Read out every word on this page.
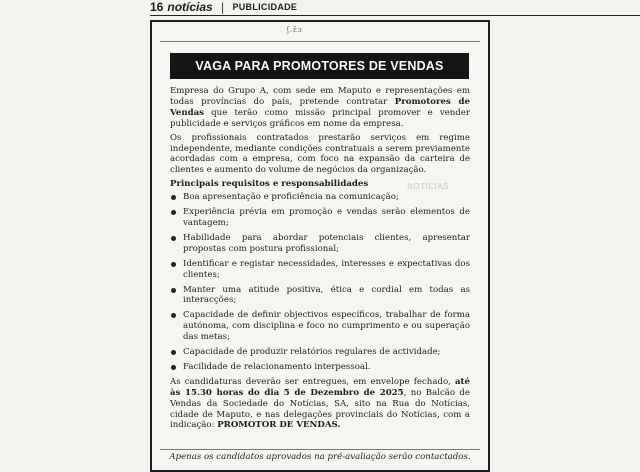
16 notícias | PUBLICIDADE
ʃ.ɛ̃ɔ
VAGA PARA PROMOTORES DE VENDAS
NOTÍCIAS

Empresa do Grupo A, com sede em Maputo e representações em todas províncias do país, pretende contratar Promotores de Vendas que terão como missão principal promover e vender publicidade e serviços gráficos em nome da empresa.

Os profissionais contratados prestarão serviços em regime independente, mediante condições contratuais a serem previamente acordadas com a empresa, com foco na expansão da carteira de clientes e aumento do volume de negócios da organização.

Principais requisitos e responsabilidades
Boa apresentação e proficiência na comunicação;
Experiência prévia em promoção e vendas serão elementos de vantagem;
Habilidade para abordar potenciais clientes, apresentar propostas com postura profissional;
Identificar e registar necessidades, interesses e expectativas dos clientes;
Manter uma atitude positiva, ética e cordial em todas as interacções;
Capacidade de definir objectivos específicos, trabalhar de forma autónoma, com disciplina e foco no cumprimento e ou superação das metas;
Capacidade de produzir relatórios regulares de actividade;
Facilidade de relacionamento interpessoal.

As candidaturas deverão ser entregues, em envelope fechado, até às 15.30 horas do dia 5 de Dezembro de 2025, no Balcão de Vendas da Sociedade do Notícias, SA, sito na Rua do Notícias, cidade de Maputo, e nas delegações provinciais do Notícias, com a indicação: PROMOTOR DE VENDAS.

Apenas os candidatos aprovados na pré-avaliação serão contactados.
